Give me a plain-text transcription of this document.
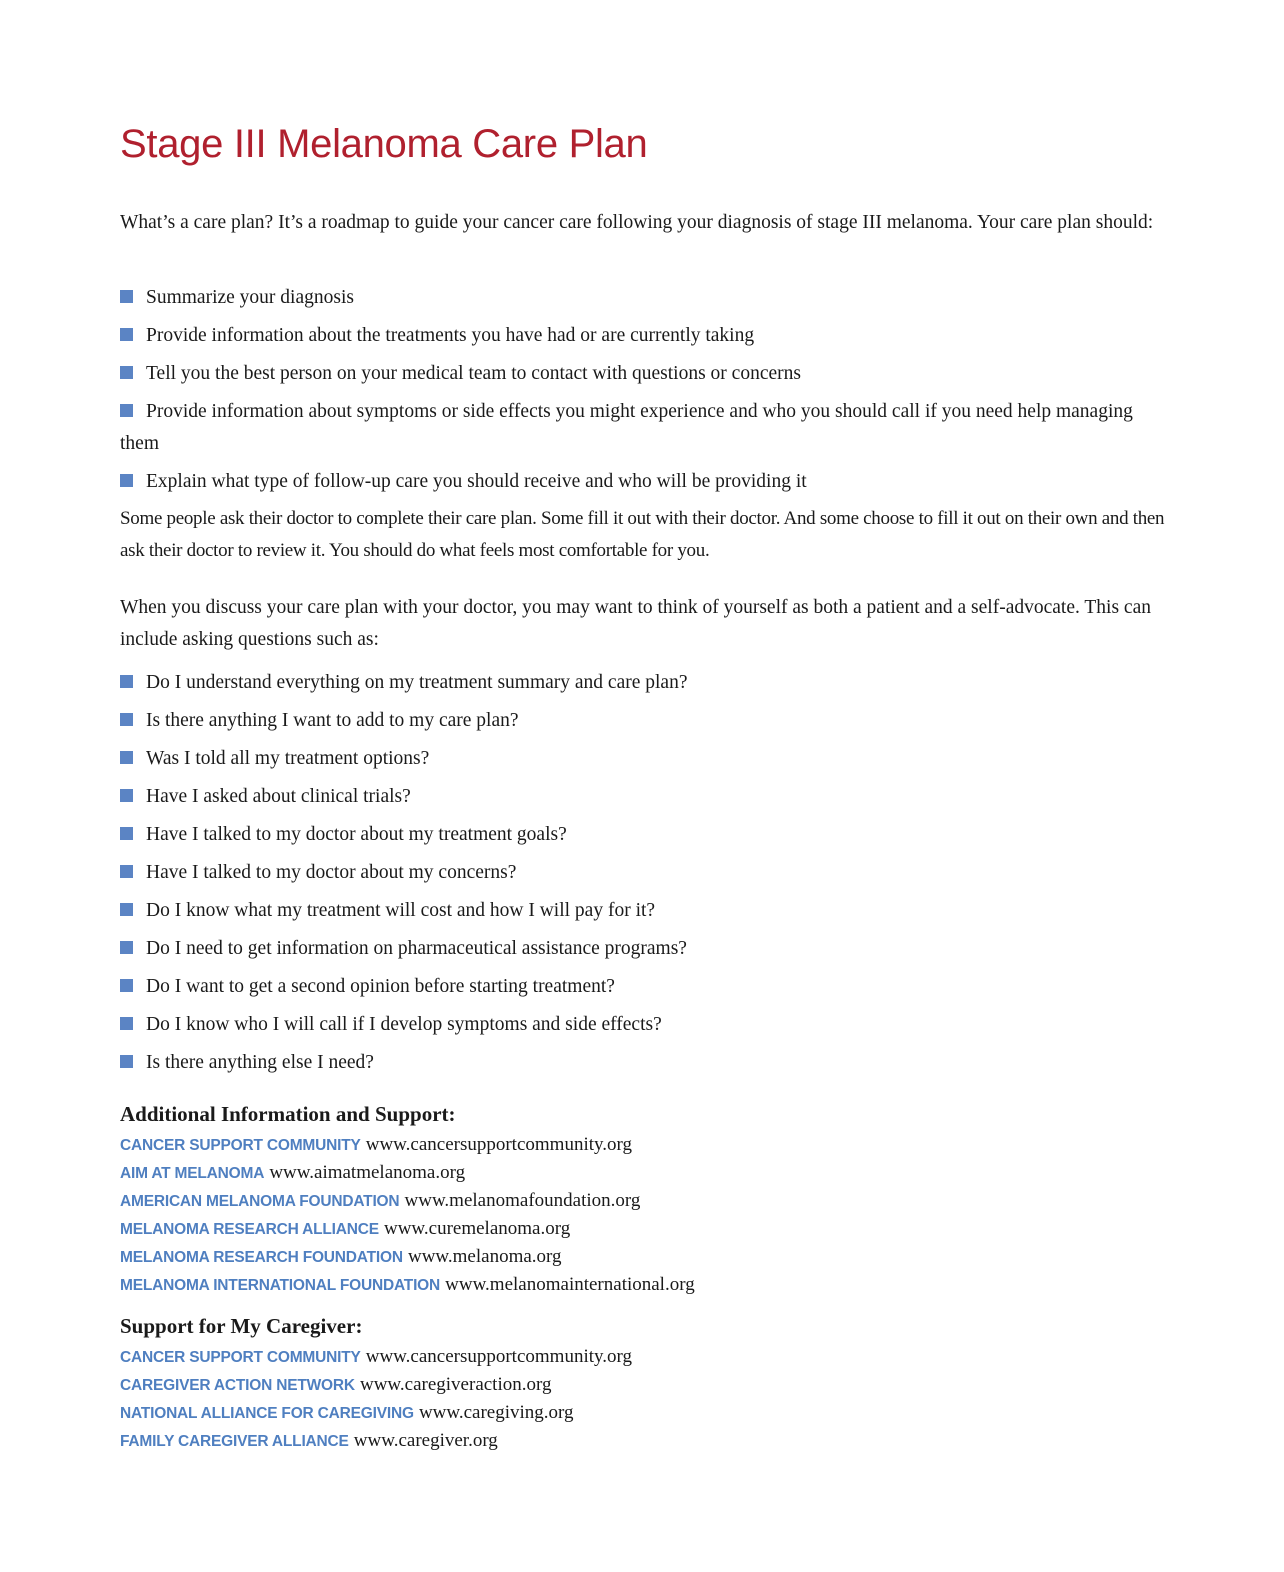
Stage III Melanoma Care Plan

What’s a care plan? It’s a roadmap to guide your cancer care following your diagnosis of stage III melanoma. Your care plan should:

Summarize your diagnosis
Provide information about the treatments you have had or are currently taking
Tell you the best person on your medical team to contact with questions or concerns
Provide information about symptoms or side effects you might experience and who you should call if you need help managing them
Explain what type of follow-up care you should receive and who will be providing it

Some people ask their doctor to complete their care plan. Some fill it out with their doctor. And some choose to fill it out on their own and then ask their doctor to review it. You should do what feels most comfortable for you.

When you discuss your care plan with your doctor, you may want to think of yourself as both a patient and a self-advocate. This can include asking questions such as:

Do I understand everything on my treatment summary and care plan?
Is there anything I want to add to my care plan?
Was I told all my treatment options?
Have I asked about clinical trials?
Have I talked to my doctor about my treatment goals?
Have I talked to my doctor about my concerns?
Do I know what my treatment will cost and how I will pay for it?
Do I need to get information on pharmaceutical assistance programs?
Do I want to get a second opinion before starting treatment?
Do I know who I will call if I develop symptoms and side effects?
Is there anything else I need?
Additional Information and Support:
CANCER SUPPORT COMMUNITY www.cancersupportcommunity.org
AIM AT MELANOMA www.aimatmelanoma.org
AMERICAN MELANOMA FOUNDATION www.melanomafoundation.org
MELANOMA RESEARCH ALLIANCE www.curemelanoma.org
MELANOMA RESEARCH FOUNDATION www.melanoma.org
MELANOMA INTERNATIONAL FOUNDATION www.melanomainternational.org
Support for My Caregiver:
CANCER SUPPORT COMMUNITY www.cancersupportcommunity.org
CAREGIVER ACTION NETWORK www.caregiveraction.org
NATIONAL ALLIANCE FOR CAREGIVING www.caregiving.org
FAMILY CAREGIVER ALLIANCE www.caregiver.org
